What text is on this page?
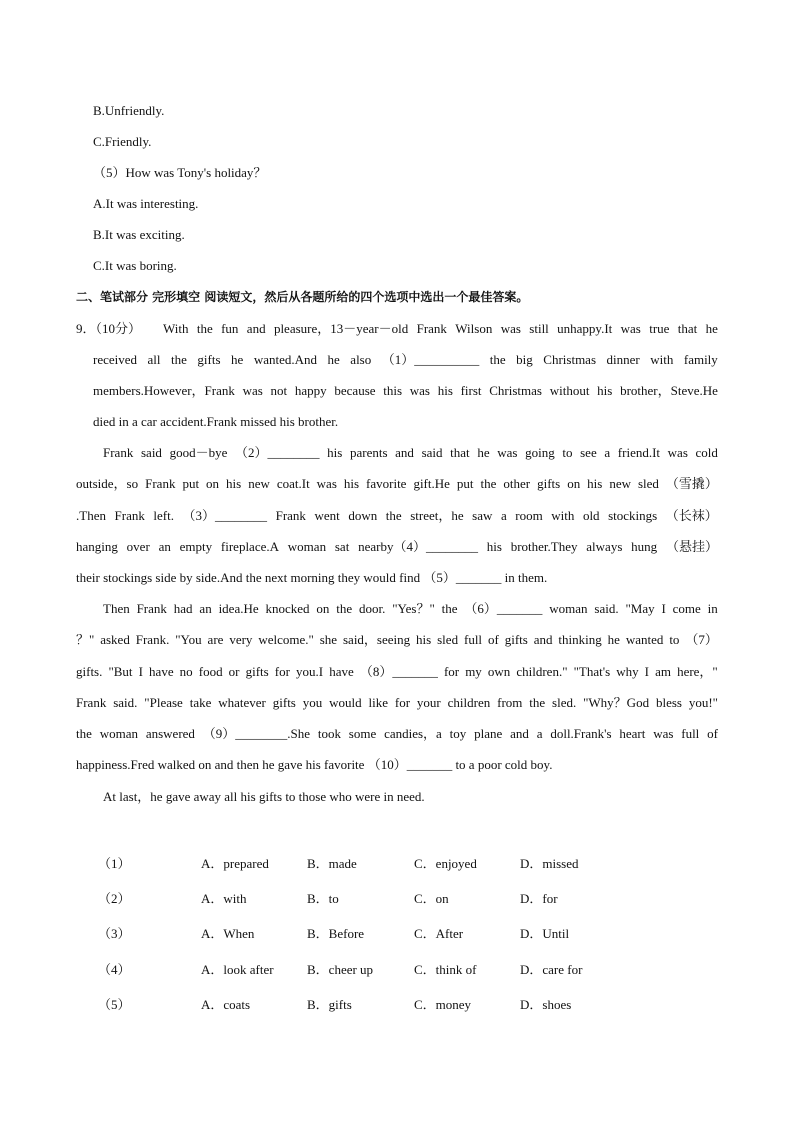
B.Unfriendly.
C.Friendly.
（5）How was Tony's holiday？
A.It was interesting.
B.It was exciting.
C.It was boring.
二、笔试部分 完形填空 阅读短文，然后从各题所给的四个选项中选出一个最佳答案。
9．（10分） With the fun and pleasure，13－year－old Frank Wilson was still unhappy.It was true that he
received all the gifts he wanted.And he also （1）__________ the big Christmas dinner with family
members.However，Frank was not happy because this was his first Christmas without his brother，Steve.He
died in a car accident.Frank missed his brother.
Frank said good－bye （2）________ his parents and said that he was going to see a friend.It was cold
outside，so Frank put on his new coat.It was his favorite gift.He put the other gifts on his new sled （雪撬）
.Then Frank left. （3）________ Frank went down the street，he saw a room with old stockings （长袜）
hanging over an empty fireplace.A woman sat nearby（4）________ his brother.They always hung （悬挂）
their stockings side by side.And the next morning they would find （5）_______ in them.
Then Frank had an idea.He knocked on the door. "Yes？" the （6）_______ woman said. "May I come in
？" asked Frank. "You are very welcome." she said，seeing his sled full of gifts and thinking he wanted to （7）
gifts. "But I have no food or gifts for you.I have （8）_______ for my own children." "That's why I am here，"
Frank said. "Please take whatever gifts you would like for your children from the sled. "Why？God bless you!"
the woman answered （9）________.She took some candies，a toy plane and a doll.Frank's heart was full of
happiness.Fred walked on and then he gave his favorite （10）_______ to a poor cold boy.
At last，he gave away all his gifts to those who were in need.
（1）	A．prepared	B．made	C．enjoyed	D．missed
（2）	A．with	B．to	C．on	D．for
（3）	A．When	B．Before	C．After	D．Until
（4）	A．look after	B．cheer up	C．think of	D．care for
（5）	A．coats	B．gifts	C．money	D．shoes
